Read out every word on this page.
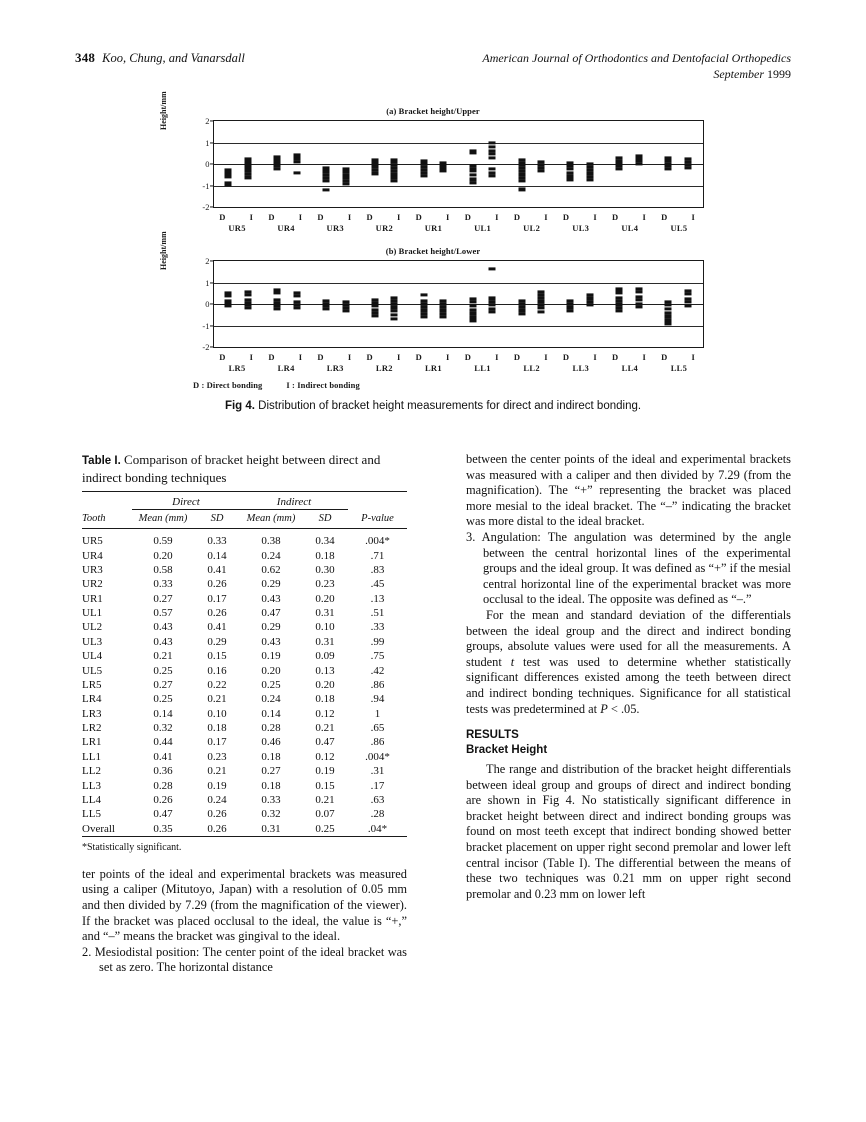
348 Koo, Chung, and Vanarsdall	American Journal of Orthodontics and Dentofacial Orthopedics
September 1999
(a) Bracket height/Upper
Height/mm	2
1
0
-1
-2
D	I
UR5
D	I
UR4
D	I
UR3
D	I
UR2
D	I
UR1
D	I
UL1
D	I
UL2
D	I
UL3
D	I
UL4
D	I
UL5
(b) Bracket height/Lower
Height/mm	2
1
0
-1
-2
D	I
LR5
D	I
LR4
D	I
LR3
D	I
LR2
D	I
LR1
D	I
LL1
D	I
LL2
D	I
LL3
D	I
LL4
D	I
LL5
D : Direct bonding	I : Indirect bonding
Fig 4. Distribution of bracket height measurements for direct and indirect bonding.
Table I. Comparison of bracket height between direct and indirect bonding techniques

	Direct		Indirect		
Tooth	Mean (mm)	SD	Mean (mm)	SD	P-value

UR5	0.59	0.33	0.38	0.34	.004*
UR4	0.20	0.14	0.24	0.18	.71
UR3	0.58	0.41	0.62	0.30	.83
UR2	0.33	0.26	0.29	0.23	.45
UR1	0.27	0.17	0.43	0.20	.13
UL1	0.57	0.26	0.47	0.31	.51
UL2	0.43	0.41	0.29	0.10	.33
UL3	0.43	0.29	0.43	0.31	.99
UL4	0.21	0.15	0.19	0.09	.75
UL5	0.25	0.16	0.20	0.13	.42
LR5	0.27	0.22	0.25	0.20	.86
LR4	0.25	0.21	0.24	0.18	.94
LR3	0.14	0.10	0.14	0.12	1
LR2	0.32	0.18	0.28	0.21	.65
LR1	0.44	0.17	0.46	0.47	.86
LL1	0.41	0.23	0.18	0.12	.004*
LL2	0.36	0.21	0.27	0.19	.31
LL3	0.28	0.19	0.18	0.15	.17
LL4	0.26	0.24	0.33	0.21	.63
LL5	0.47	0.26	0.32	0.07	.28
Overall	0.35	0.26	0.31	0.25	.04*
*Statistically significant.

ter points of the ideal and experimental brackets was measured using a caliper (Mitutoyo, Japan) with a resolution of 0.05 mm and then divided by 7.29 (from the magnification of the viewer). If the bracket was placed occlusal to the ideal, the value is “+,” and “–” means the bracket was gingival to the ideal.

2. Mesiodistal position: The center point of the ideal bracket was set as zero. The horizontal distance

between the center points of the ideal and experimental brackets was measured with a caliper and then divided by 7.29 (from the magnification). The “+” representing the bracket was placed more mesial to the ideal bracket. The “–” indicating the bracket was more distal to the ideal bracket.

3. Angulation: The angulation was determined by the angle between the central horizontal lines of the experimental groups and the ideal group. It was defined as “+” if the mesial central horizontal line of the experimental bracket was more occlusal to the ideal. The opposite was defined as “–.”

For the mean and standard deviation of the differentials between the ideal group and the direct and indirect bonding groups, absolute values were used for all the measurements. A student t test was used to determine whether statistically significant differences existed among the teeth between direct and indirect bonding techniques. Significance for all statistical tests was predetermined at P < .05.

RESULTS
Bracket Height

The range and distribution of the bracket height differentials between ideal group and groups of direct and indirect bonding are shown in Fig 4. No statistically significant difference in bracket height between direct and indirect bonding groups was found on most teeth except that indirect bonding showed better bracket placement on upper right second premolar and lower left central incisor (Table I). The differential between the means of these two techniques was 0.21 mm on upper right second premolar and 0.23 mm on lower left
